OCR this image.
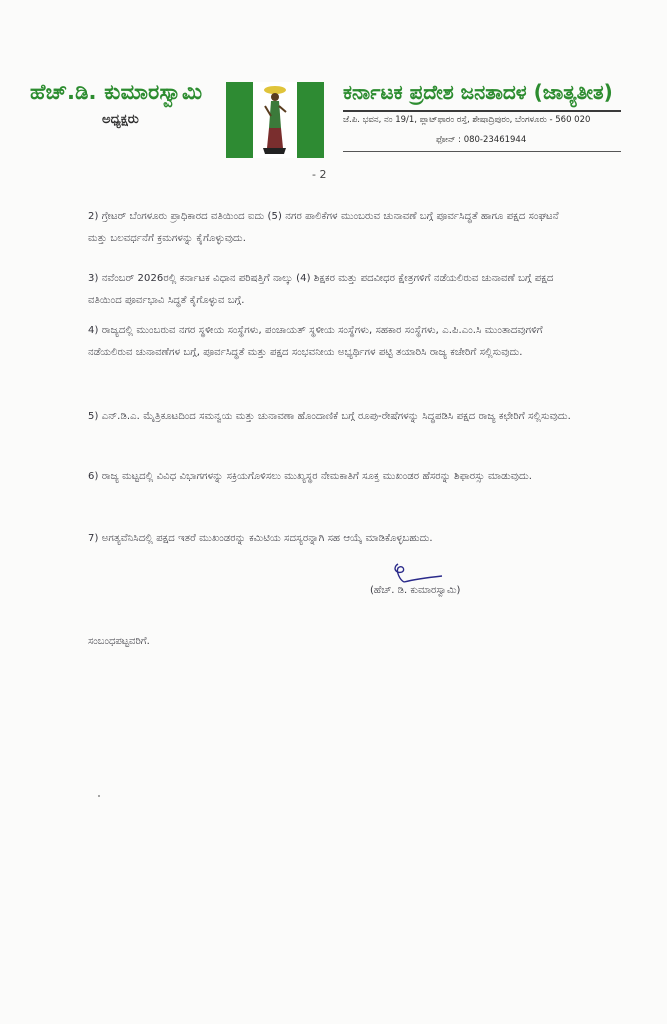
ಹೆಚ್.ಡಿ. ಕುಮಾರಸ್ವಾಮಿ
ಅಧ್ಯಕ್ಷರು
ಕರ್ನಾಟಕ ಪ್ರದೇಶ ಜನತಾದಳ (ಜಾತ್ಯತೀತ)
ಜೆ.ಪಿ. ಭವನ, ನಂ 19/1, ಪ್ಲಾಟ್‌ಫಾರಂ ರಸ್ತೆ, ಶೇಷಾದ್ರಿಪುರಂ, ಬೆಂಗಳೂರು - 560 020
ಫೋನ್ : 080-23461944
- 2
2) ಗ್ರೇಟರ್ ಬೆಂಗಳೂರು ಪ್ರಾಧಿಕಾರದ ವತಿಯಿಂದ ಐದು (5) ನಗರ ಪಾಲಿಕೆಗಳ ಮುಂಬರುವ ಚುನಾವಣೆ ಬಗ್ಗೆ ಪೂರ್ವಸಿದ್ಧತೆ ಹಾಗೂ ಪಕ್ಷದ ಸಂಘಟನೆ ಮತ್ತು ಬಲವರ್ಧನೆಗೆ ಕ್ರಮಗಳನ್ನು ಕೈಗೊಳ್ಳುವುದು.
3) ನವೆಂಬರ್ 2026ರಲ್ಲಿ ಕರ್ನಾಟಕ ವಿಧಾನ ಪರಿಷತ್ತಿಗೆ ನಾಲ್ಕು (4) ಶಿಕ್ಷಕರ ಮತ್ತು ಪದವೀಧರ ಕ್ಷೇತ್ರಗಳಿಗೆ ನಡೆಯಲಿರುವ ಚುನಾವಣೆ ಬಗ್ಗೆ ಪಕ್ಷದ ವತಿಯಿಂದ ಪೂರ್ವಭಾವಿ ಸಿದ್ಧತೆ ಕೈಗೊಳ್ಳುವ ಬಗ್ಗೆ.
4) ರಾಜ್ಯದಲ್ಲಿ ಮುಂಬರುವ ನಗರ ಸ್ಥಳೀಯ ಸಂಸ್ಥೆಗಳು, ಪಂಚಾಯತ್ ಸ್ಥಳೀಯ ಸಂಸ್ಥೆಗಳು, ಸಹಕಾರ ಸಂಸ್ಥೆಗಳು, ಎ.ಪಿ.ಎಂ.ಸಿ ಮುಂತಾದವುಗಳಿಗೆ ನಡೆಯಲಿರುವ ಚುನಾವಣೆಗಳ ಬಗ್ಗೆ, ಪೂರ್ವಸಿದ್ಧತೆ ಮತ್ತು ಪಕ್ಷದ ಸಂಭವನೀಯ ಅಭ್ಯರ್ಥಿಗಳ ಪಟ್ಟಿ ತಯಾರಿಸಿ ರಾಜ್ಯ ಕಚೇರಿಗೆ ಸಲ್ಲಿಸುವುದು.
5) ಎನ್.ಡಿ.ಎ. ಮೈತ್ರಿಕೂಟದಿಂದ ಸಮನ್ವಯ ಮತ್ತು ಚುನಾವಣಾ ಹೊಂದಾಣಿಕೆ ಬಗ್ಗೆ ರೂಪು-ರೇಷೆಗಳನ್ನು ಸಿದ್ಧಪಡಿಸಿ ಪಕ್ಷದ ರಾಜ್ಯ ಕಛೇರಿಗೆ ಸಲ್ಲಿಸುವುದು.
6) ರಾಜ್ಯ ಮಟ್ಟದಲ್ಲಿ ವಿವಿಧ ವಿಭಾಗಗಳನ್ನು ಸಕ್ರಿಯಗೊಳಿಸಲು ಮುಖ್ಯಸ್ಥರ ನೇಮಕಾತಿಗೆ ಸೂಕ್ತ ಮುಖಂಡರ ಹೆಸರನ್ನು ಶಿಫಾರಸ್ಸು ಮಾಡುವುದು.
7) ಅಗತ್ಯವೆನಿಸಿದಲ್ಲಿ ಪಕ್ಷದ ಇತರೆ ಮುಖಂಡರನ್ನು ಕಮಿಟಿಯ ಸದಸ್ಯರನ್ನಾಗಿ ಸಹ ಆಯ್ಕೆ ಮಾಡಿಕೊಳ್ಳಬಹುದು.
(ಹೆಚ್. ಡಿ. ಕುಮಾರಸ್ವಾಮಿ)
ಸಂಬಂಧಪಟ್ಟವರಿಗೆ.
